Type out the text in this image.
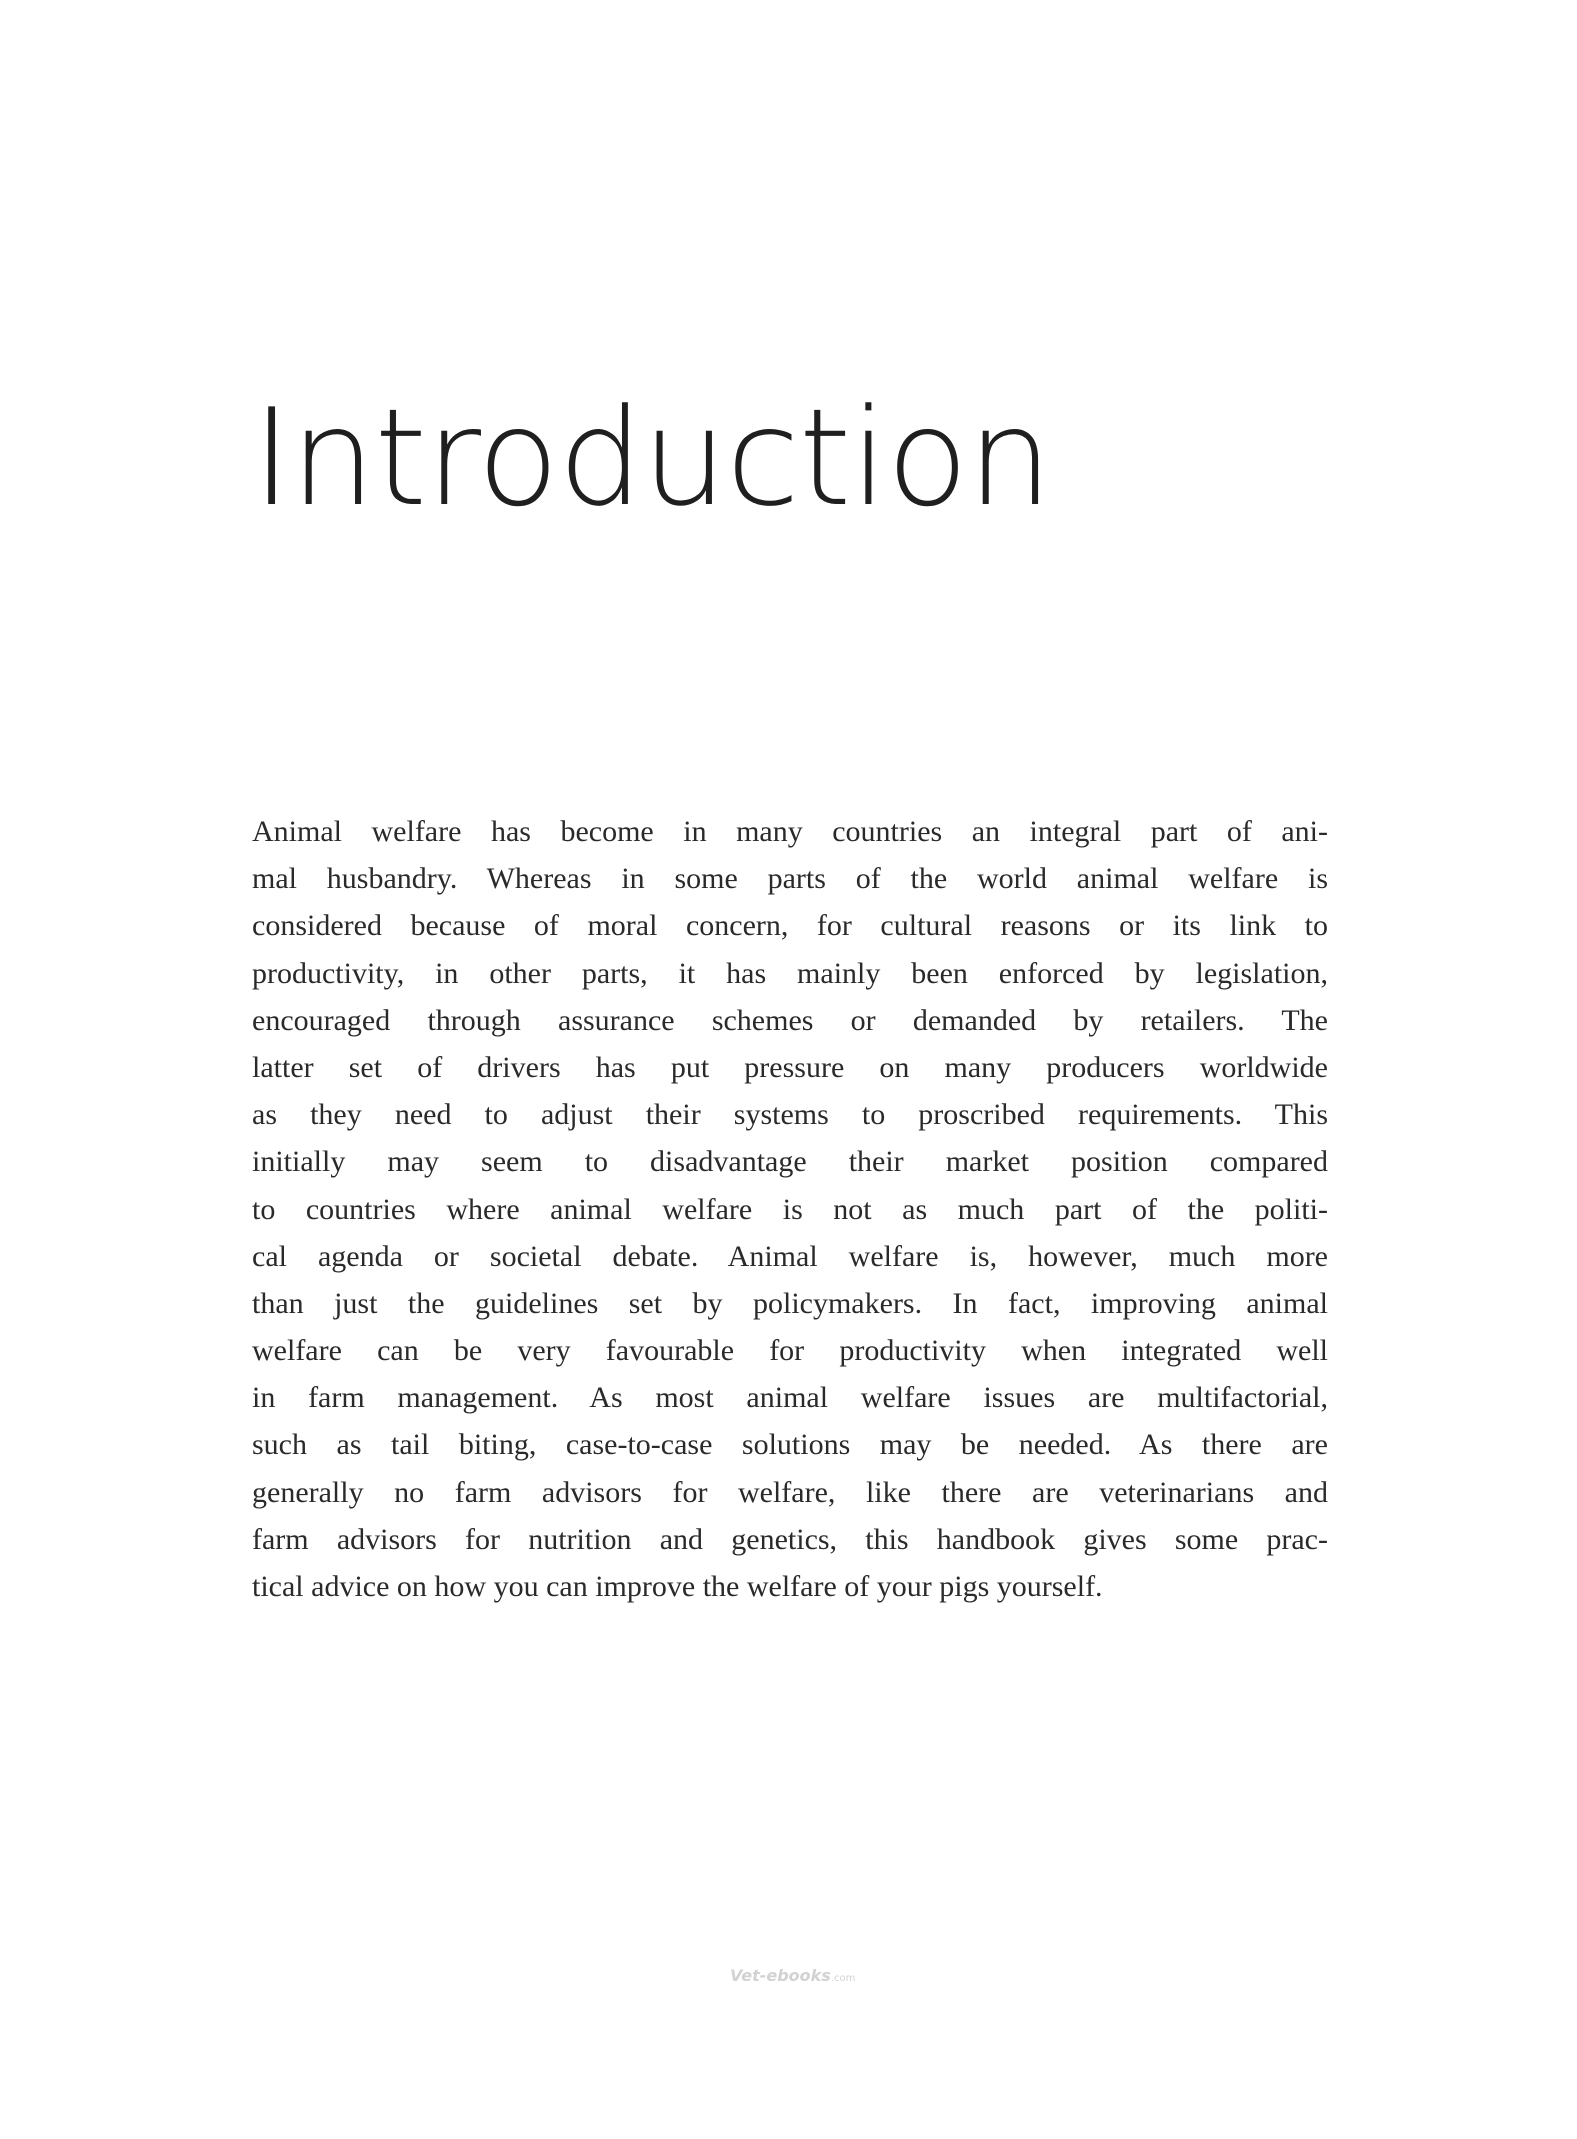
Introduction
Animal welfare has become in many countries an integral part of ani-
mal husbandry. Whereas in some parts of the world animal welfare is
considered because of moral concern, for cultural reasons or its link to
productivity, in other parts, it has mainly been enforced by legislation,
encouraged through assurance schemes or demanded by retailers. The
latter set of drivers has put pressure on many producers worldwide
as they need to adjust their systems to proscribed requirements. This
initially may seem to disadvantage their market position compared
to countries where animal welfare is not as much part of the politi-
cal agenda or societal debate. Animal welfare is, however, much more
than just the guidelines set by policymakers. In fact, improving animal
welfare can be very favourable for productivity when integrated well
in farm management. As most animal welfare issues are multifactorial,
such as tail biting, case-to-case solutions may be needed. As there are
generally no farm advisors for welfare, like there are veterinarians and
farm advisors for nutrition and genetics, this handbook gives some prac-
tical advice on how you can improve the welfare of your pigs yourself.
Vet-ebooks.com
